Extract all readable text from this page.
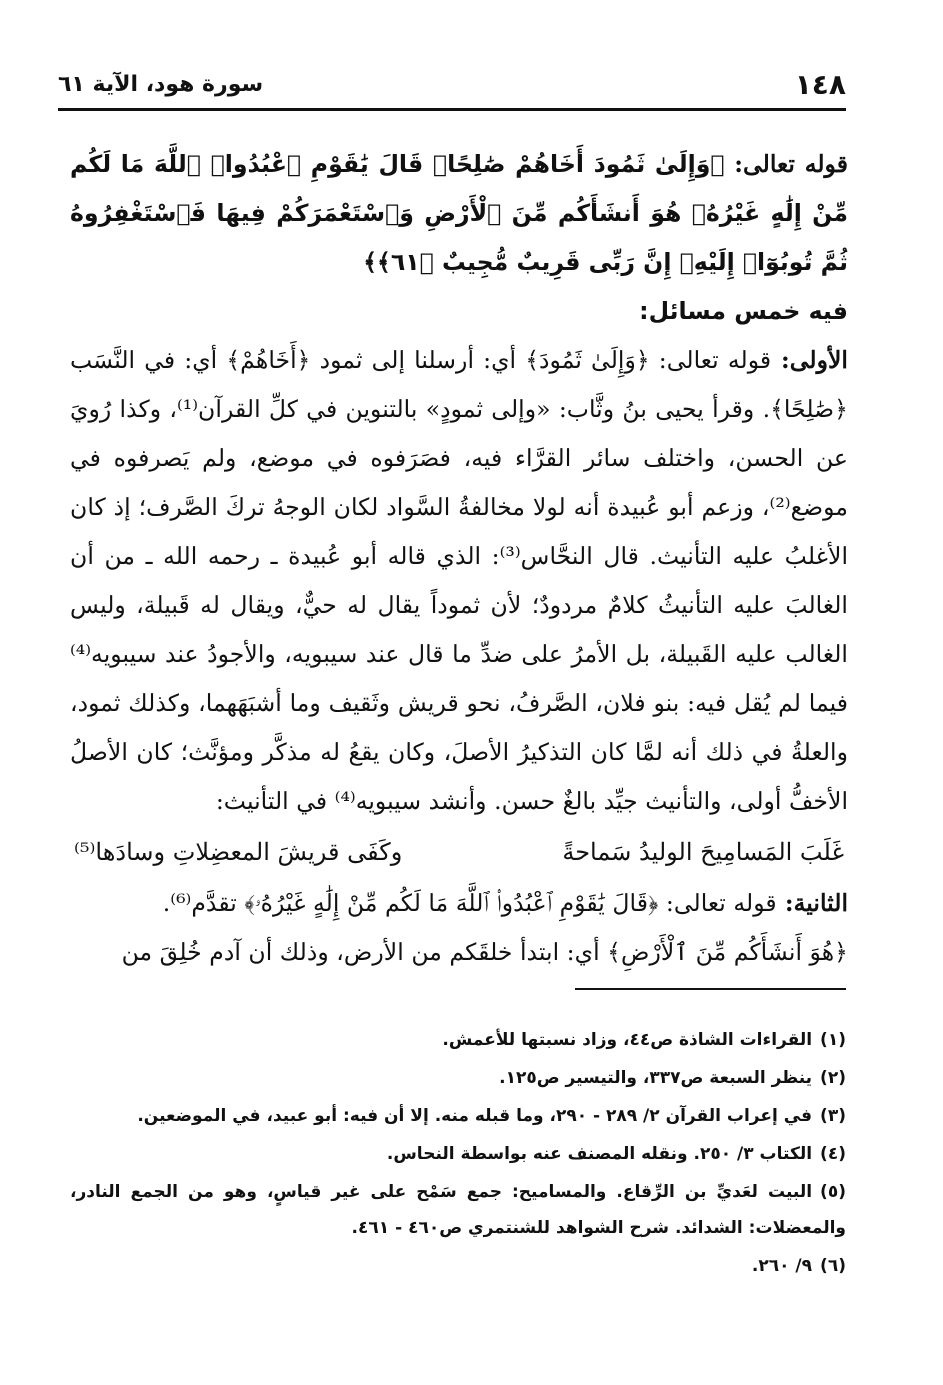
١٤٨
سورة هود، الآية ٦١

قوله تعالى: ﴿وَإِلَىٰ ثَمُودَ أَخَاهُمْ صَٰلِحًاۚ قَالَ يَٰقَوْمِ ٱعْبُدُوا۟ ٱللَّهَ مَا لَكُم مِّنْ إِلَٰهٍ غَيْرُهُۥ هُوَ أَنشَأَكُم مِّنَ ٱلْأَرْضِ وَٱسْتَعْمَرَكُمْ فِيهَا فَٱسْتَغْفِرُوهُ ثُمَّ تُوبُوٓا۟ إِلَيْهِۚ إِنَّ رَبِّى قَرِيبٌ مُّجِيبٌ ﴿٦١﴾﴾

فيه خمس مسائل:

الأولى: قوله تعالى: ﴿وَإِلَىٰ ثَمُودَ﴾ أي: أرسلنا إلى ثمود ﴿أَخَاهُمْ﴾ أي: في النَّسَب ﴿صَٰلِحًا﴾. وقرأ يحيى بنُ وثَّاب: «وإلى ثمودٍ» بالتنوين في كلِّ القرآن⁽¹⁾، وكذا رُويَ عن الحسن، واختلف سائر القرَّاء فيه، فصَرَفوه في موضع، ولم يَصرفوه في موضع⁽²⁾، وزعم أبو عُبيدة أنه لولا مخالفةُ السَّواد لكان الوجهُ تركَ الصَّرف؛ إذ كان الأغلبُ عليه التأنيث. قال النحَّاس⁽³⁾: الذي قاله أبو عُبيدة ـ رحمه الله ـ من أن الغالبَ عليه التأنيثُ كلامٌ مردودٌ؛ لأن ثموداً يقال له حيٌّ، ويقال له قَبيلة، وليس الغالب عليه القَبيلة، بل الأمرُ على ضدِّ ما قال عند سيبويه، والأجودُ عند سيبويه⁽⁴⁾ فيما لم يُقل فيه: بنو فلان، الصَّرفُ، نحو قريش وثَقيف وما أشبَهَهما، وكذلك ثمود، والعلةُ في ذلك أنه لمَّا كان التذكيرُ الأصلَ، وكان يقعُ له مذكَّر ومؤنَّث؛ كان الأصلُ الأخفُّ أولى، والتأنيث جيِّد بالغٌ حسن. وأنشد سيبويه⁽⁴⁾ في التأنيث:

غَلَبَ المَسامِيحَ الوليدُ سَماحةً
وكَفَى قريشَ المعضِلاتِ وسادَها⁽⁵⁾

الثانية: قوله تعالى: ﴿قَالَ يَٰقَوْمِ ٱعْبُدُوا۟ ٱللَّهَ مَا لَكُم مِّنْ إِلَٰهٍ غَيْرُهُۥ﴾ تقدَّم⁽⁶⁾.

﴿هُوَ أَنشَأَكُم مِّنَ ٱلْأَرْضِ﴾ أي: ابتدأ خلقَكم من الأرض، وذلك أن آدم خُلِقَ من

(١)القراءات الشاذة ص٤٤، وزاد نسبتها للأعمش.
(٢)ينظر السبعة ص٣٣٧، والتيسير ص١٢٥.
(٣)في إعراب القرآن ٢/ ٢٨٩ - ٢٩٠، وما قبله منه. إلا أن فيه: أبو عبيد، في الموضعين.
(٤)الكتاب ٣/ ٢٥٠. ونقله المصنف عنه بواسطة النحاس.
(٥)البيت لعَديِّ بن الرِّقاع. والمساميح: جمع سَمْح على غير قياسٍ، وهو من الجمع النادر، والمعضلات: الشدائد. شرح الشواهد للشنتمري ص٤٦٠ - ٤٦١.
(٦)٩/ ٢٦٠.
